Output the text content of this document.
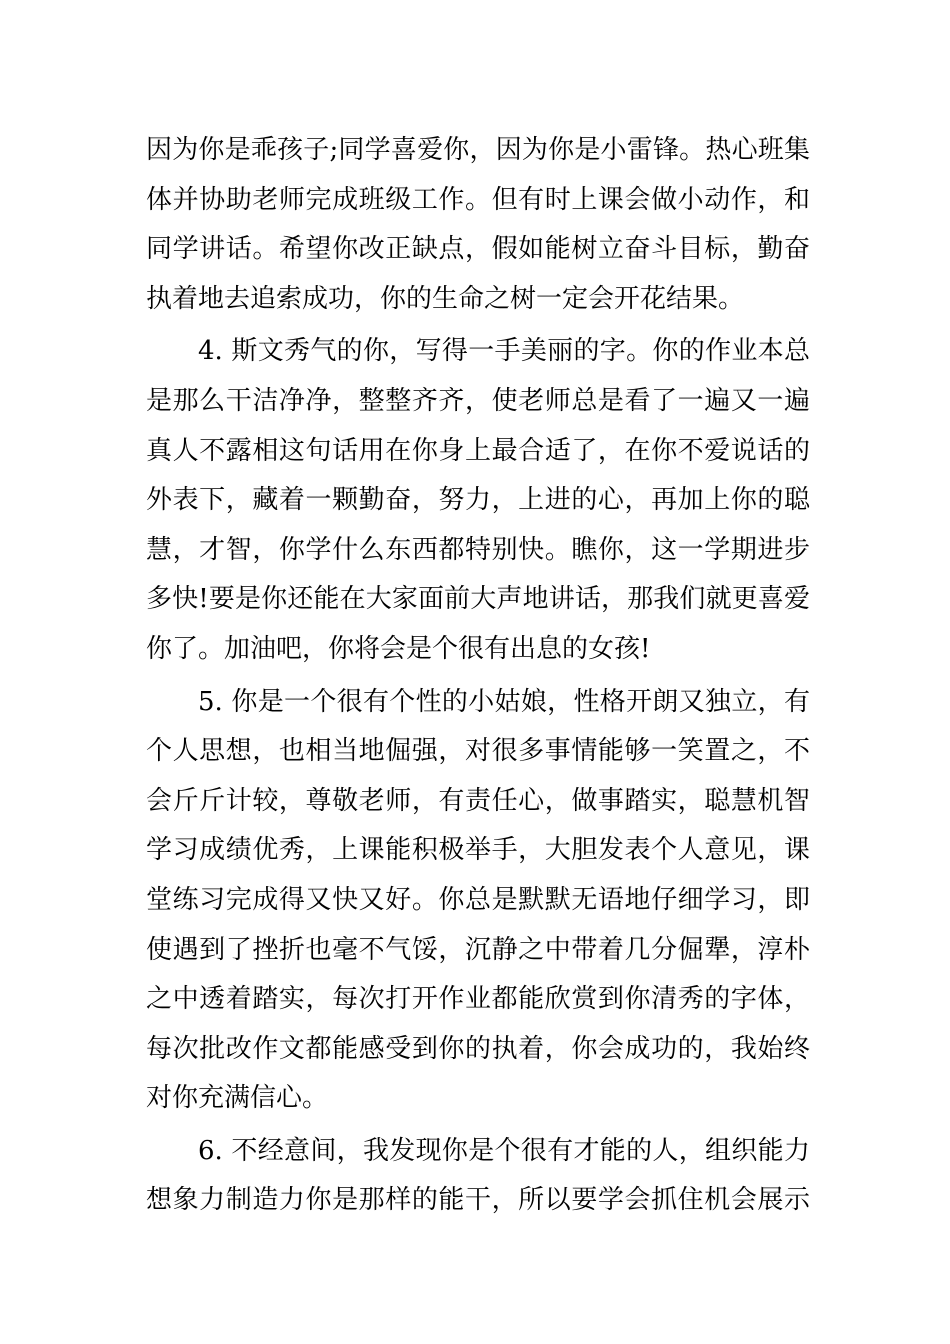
因为你是乖孩子;同学喜爱你，因为你是小雷锋。热心班集
体并协助老师完成班级工作。但有时上课会做小动作，和
同学讲话。希望你改正缺点，假如能树立奋斗目标，勤奋
执着地去追索成功，你的生命之树一定会开花结果。
4. 斯文秀气的你，写得一手美丽的字。你的作业本总
是那么干洁净净，整整齐齐，使老师总是看了一遍又一遍
真人不露相这句话用在你身上最合适了，在你不爱说话的
外表下，藏着一颗勤奋，努力，上进的心，再加上你的聪
慧，才智，你学什么东西都特别快。瞧你，这一学期进步
多快!要是你还能在大家面前大声地讲话，那我们就更喜爱
你了。加油吧，你将会是个很有出息的女孩!
5. 你是一个很有个性的小姑娘，性格开朗又独立，有
个人思想，也相当地倔强，对很多事情能够一笑置之，不
会斤斤计较，尊敬老师，有责任心，做事踏实，聪慧机智
学习成绩优秀，上课能积极举手，大胆发表个人意见，课
堂练习完成得又快又好。你总是默默无语地仔细学习，即
使遇到了挫折也毫不气馁，沉静之中带着几分倔犟，淳朴
之中透着踏实，每次打开作业都能欣赏到你清秀的字体，
每次批改作文都能感受到你的执着，你会成功的，我始终
对你充满信心。
6. 不经意间，我发现你是个很有才能的人，组织能力
想象力制造力你是那样的能干，所以要学会抓住机会展示
